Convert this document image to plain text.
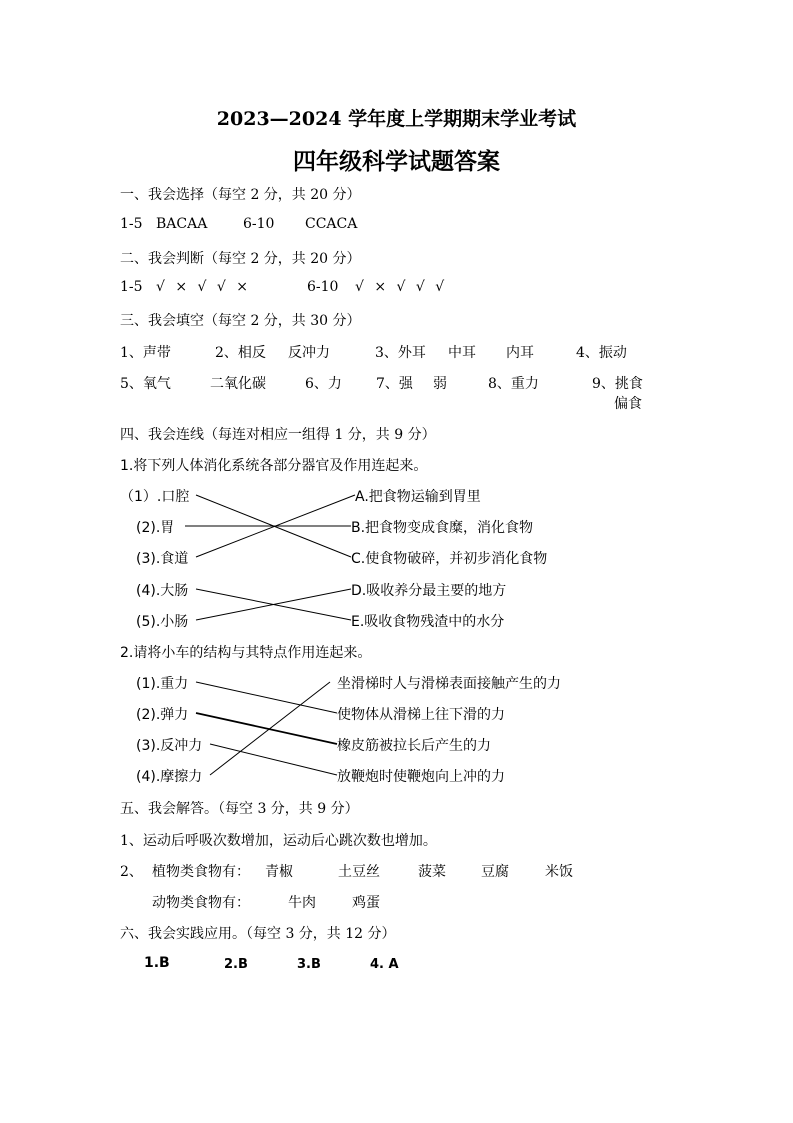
2023—2024 学年度上学期期末学业考试
四年级科学试题答案
一、我会选择（每空 2 分，共 20 分）
1-5 BACAA	6-10 CCACA
二、我会判断（每空 2 分，共 20 分）
1-5 √ × √ √ ×	6-10 √ × √ √ √
三、我会填空（每空 2 分，共 30 分）
1、声带	2、相反 反冲力	3、外耳 中耳 内耳	4、振动
5、氧气	二氧化碳	6、力 7、强 弱	8、重力	9、挑食
偏食
四、我会连线（每连对相应一组得 1 分，共 9 分）
1.将下列人体消化系统各部分器官及作用连起来。
（1）.口腔
(2).胃
(3).食道
(4).大肠
(5).小肠
A.把食物运输到胃里
B.把食物变成食糜，消化食物
C.使食物破碎，并初步消化食物
D.吸收养分最主要的地方
E.吸收食物残渣中的水分
2.请将小车的结构与其特点作用连起来。
(1).重力
(2).弹力
(3).反冲力
(4).摩擦力
坐滑梯时人与滑梯表面接触产生的力
使物体从滑梯上往下滑的力
橡皮筋被拉长后产生的力
放鞭炮时使鞭炮向上冲的力
五、我会解答。（每空 3 分，共 9 分）
1、运动后呼吸次数增加，运动后心跳次数也增加。
2、 植物类食物有： 青椒	土豆丝	菠菜	豆腐	米饭
动物类食物有：	牛肉	鸡蛋
六、我会实践应用。（每空 3 分，共 12 分）
1.B	2.B	3.B	4. A
